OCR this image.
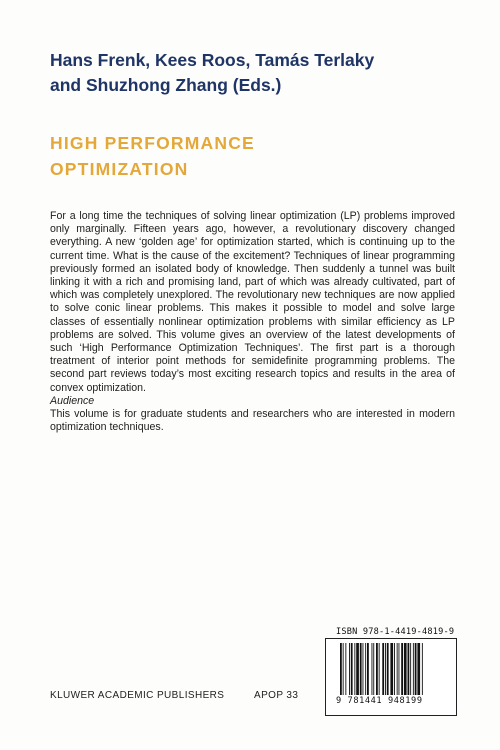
Hans Frenk, Kees Roos, Tamás Terlaky
and Shuzhong Zhang (Eds.)
HIGH PERFORMANCE
OPTIMIZATION
For a long time the techniques of solving linear optimization (LP) problems improved only marginally. Fifteen years ago, however, a revolutionary discovery changed everything. A new ‘golden age’ for optimization started, which is continuing up to the current time. What is the cause of the excitement? Techniques of linear programming previously formed an isolated body of knowledge. Then suddenly a tunnel was built linking it with a rich and promising land, part of which was already cultivated, part of which was completely unexplored. The revolutionary new techniques are now applied to solve conic linear problems. This makes it possible to model and solve large classes of essentially nonlinear optimization problems with similar efficiency as LP problems are solved. This volume gives an overview of the latest developments of such ‘High Performance Optimization Techniques’. The first part is a thorough treatment of interior point methods for semidefinite programming problems. The second part reviews today’s most exciting research topics and results in the area of convex optimization.
Audience
This volume is for graduate students and researchers who are interested in modern optimization techniques.
ISBN 978-1-4419-4819-9
9 781441 948199
KLUWER ACADEMIC PUBLISHERS	APOP 33
